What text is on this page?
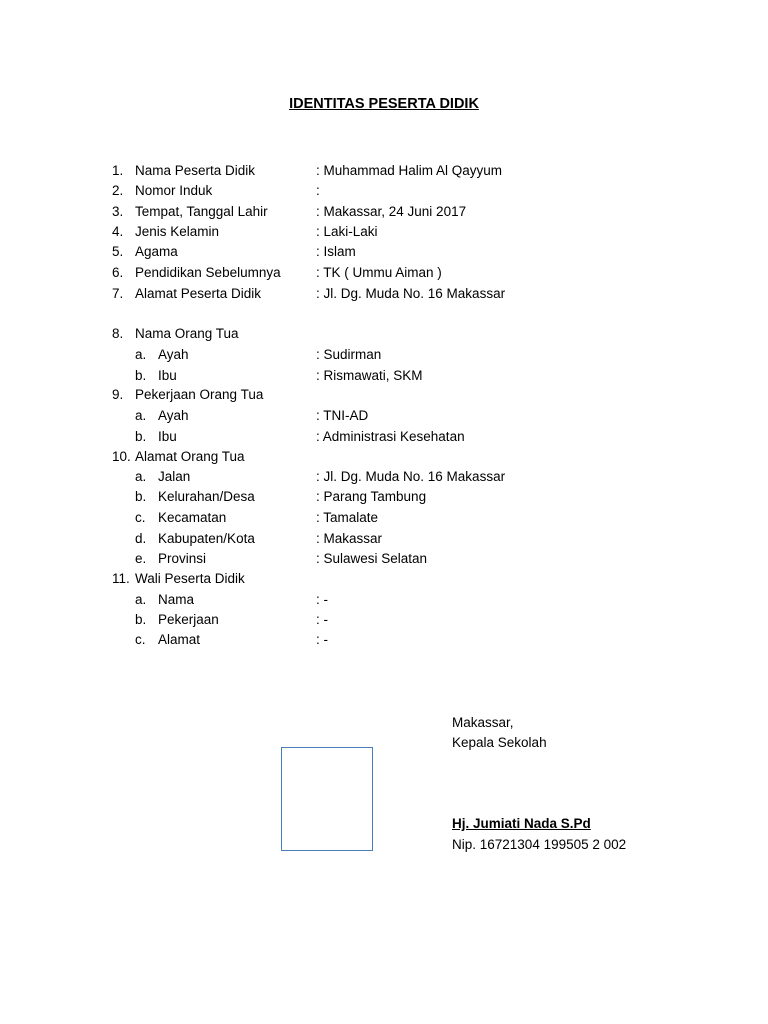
IDENTITAS PESERTA DIDIK
1. Nama Peserta Didik	: Muhammad Halim Al Qayyum
2. Nomor Induk	:
3. Tempat, Tanggal Lahir	: Makassar, 24 Juni 2017
4. Jenis Kelamin	: Laki-Laki
5. Agama	: Islam
6. Pendidikan Sebelumnya	: TK ( Ummu Aiman )
7. Alamat Peserta Didik	: Jl. Dg. Muda No. 16 Makassar
8. Nama Orang Tua
a. Ayah	: Sudirman
b. Ibu	: Rismawati, SKM
9. Pekerjaan Orang Tua
a. Ayah	: TNI-AD
b. Ibu	: Administrasi Kesehatan
10. Alamat Orang Tua
a. Jalan	: Jl. Dg. Muda No. 16 Makassar
b. Kelurahan/Desa	: Parang Tambung
c. Kecamatan	: Tamalate
d. Kabupaten/Kota	: Makassar
e. Provinsi	: Sulawesi Selatan
11. Wali Peserta Didik
a. Nama	: -
b. Pekerjaan	: -
c. Alamat	: -
Makassar,
Kepala Sekolah
Hj. Jumiati Nada S.Pd
Nip. 16721304 199505 2 002
